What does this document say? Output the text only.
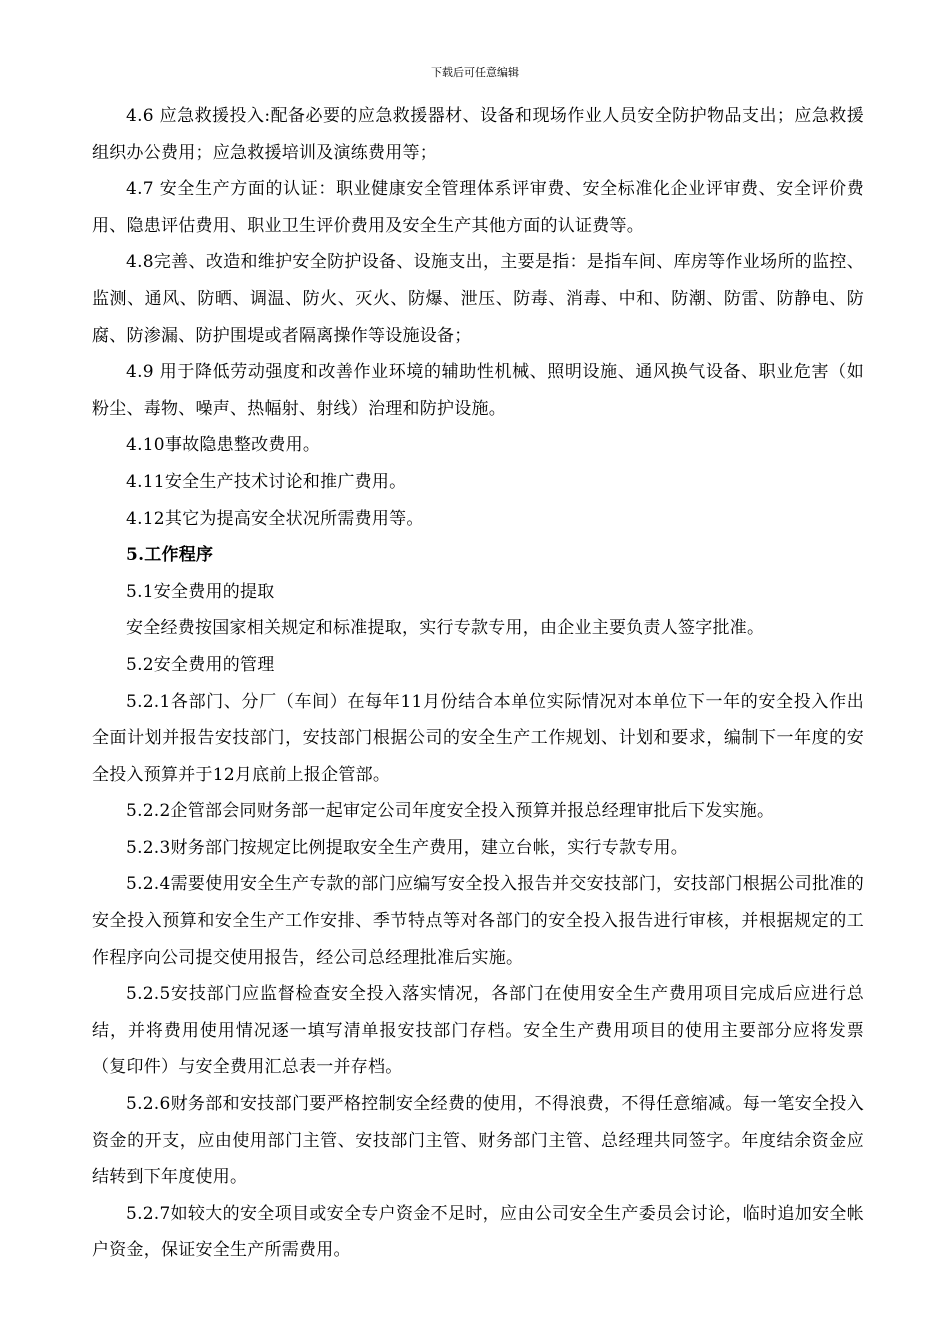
下载后可任意编辑

4.6 应急救援投入:配备必要的应急救援器材、设备和现场作业人员安全防护物品支出；应急救援组织办公费用；应急救援培训及演练费用等；

4.7 安全生产方面的认证：职业健康安全管理体系评审费、安全标准化企业评审费、安全评价费用、隐患评估费用、职业卫生评价费用及安全生产其他方面的认证费等。

4.8完善、改造和维护安全防护设备、设施支出，主要是指：是指车间、库房等作业场所的监控、监测、通风、防晒、调温、防火、灭火、防爆、泄压、防毒、消毒、中和、防潮、防雷、防静电、防腐、防渗漏、防护围堤或者隔离操作等设施设备；

4.9 用于降低劳动强度和改善作业环境的辅助性机械、照明设施、通风换气设备、职业危害（如粉尘、毒物、噪声、热幅射、射线）治理和防护设施。

4.10事故隐患整改费用。

4.11安全生产技术讨论和推广费用。

4.12其它为提高安全状况所需费用等。

5.工作程序

5.1安全费用的提取

安全经费按国家相关规定和标准提取，实行专款专用，由企业主要负责人签字批准。

5.2安全费用的管理

5.2.1各部门、分厂（车间）在每年11月份结合本单位实际情况对本单位下一年的安全投入作出全面计划并报告安技部门，安技部门根据公司的安全生产工作规划、计划和要求，编制下一年度的安全投入预算并于12月底前上报企管部。

5.2.2企管部会同财务部一起审定公司年度安全投入预算并报总经理审批后下发实施。

5.2.3财务部门按规定比例提取安全生产费用，建立台帐，实行专款专用。

5.2.4需要使用安全生产专款的部门应编写安全投入报告并交安技部门，安技部门根据公司批准的安全投入预算和安全生产工作安排、季节特点等对各部门的安全投入报告进行审核，并根据规定的工作程序向公司提交使用报告，经公司总经理批准后实施。

5.2.5安技部门应监督检查安全投入落实情况，各部门在使用安全生产费用项目完成后应进行总结，并将费用使用情况逐一填写清单报安技部门存档。安全生产费用项目的使用主要部分应将发票（复印件）与安全费用汇总表一并存档。

5.2.6财务部和安技部门要严格控制安全经费的使用，不得浪费，不得任意缩减。每一笔安全投入资金的开支，应由使用部门主管、安技部门主管、财务部门主管、总经理共同签字。年度结余资金应结转到下年度使用。

5.2.7如较大的安全项目或安全专户资金不足时，应由公司安全生产委员会讨论，临时追加安全帐户资金，保证安全生产所需费用。
